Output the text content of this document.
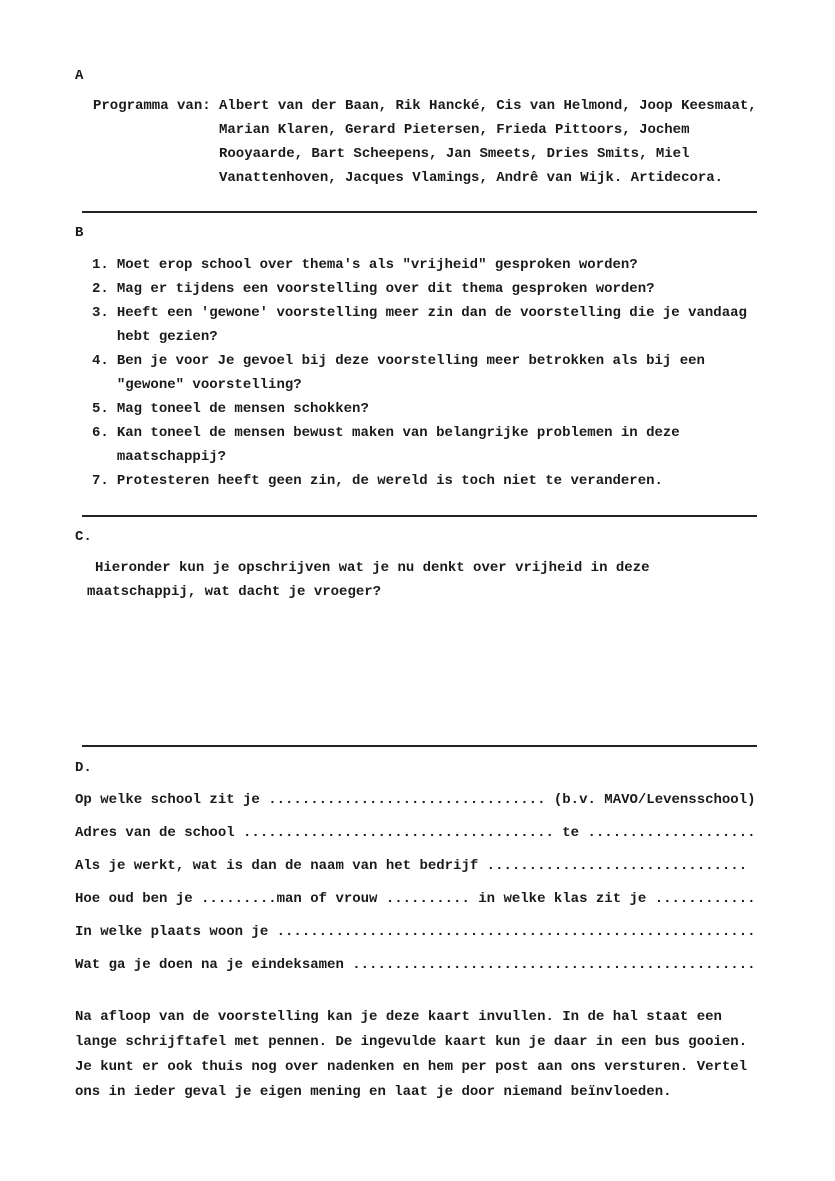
A
Programma van: Albert van der Baan, Rik Hancké, Cis van Helmond, Joop Keesmaat,
Marian Klaren, Gerard Pietersen, Frieda Pittoors, Jochem
Rooyaarde, Bart Scheepens, Jan Smeets, Dries Smits, Miel
Vanattenhoven, Jacques Vlamings, Andrê van Wijk. Artidecora.
B
1. Moet erop school over thema's als "vrijheid" gesproken worden?
2. Mag er tijdens een voorstelling over dit thema gesproken worden?
3. Heeft een 'gewone' voorstelling meer zin dan de voorstelling die je vandaag
hebt gezien?
4. Ben je voor Je gevoel bij deze voorstelling meer betrokken als bij een
"gewone" voorstelling?
5. Mag toneel de mensen schokken?
6. Kan toneel de mensen bewust maken van belangrijke problemen in deze
maatschappij?
7. Protesteren heeft geen zin, de wereld is toch niet te veranderen.
C.
Hieronder kun je opschrijven wat je nu denkt over vrijheid in deze
maatschappij, wat dacht je vroeger?
D.
Op welke school zit je ................................. (b.v. MAVO/Levensschool)
Adres van de school ..................................... te ....................
Als je werkt, wat is dan de naam van het bedrijf ...............................
Hoe oud ben je .........man of vrouw .......... in welke klas zit je ............
In welke plaats woon je .........................................................
Wat ga je doen na je eindeksamen ................................................
Na afloop van de voorstelling kan je deze kaart invullen. In de hal staat een
lange schrijftafel met pennen. De ingevulde kaart kun je daar in een bus gooien.
Je kunt er ook thuis nog over nadenken en hem per post aan ons versturen. Vertel
ons in ieder geval je eigen mening en laat je door niemand beïnvloeden.
